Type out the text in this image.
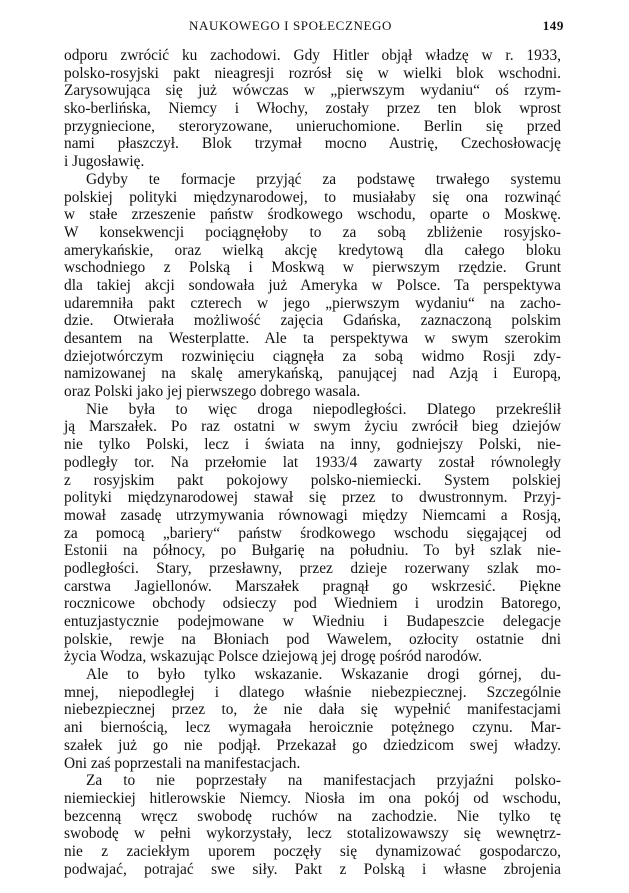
NAUKOWEGO I SPOŁECZNEGO	149
odporu zwrócić ku zachodowi. Gdy Hitler objął władzę w r. 1933,
polsko-rosyjski pakt nieagresji rozrósł się w wielki blok wschodni.
Zarysowująca się już wówczas w „pierwszym wydaniu“ oś rzym-
sko-berlińska, Niemcy i Włochy, zostały przez ten blok wprost
przygniecione, steroryzowane, unieruchomione. Berlin się przed
nami płaszczył. Blok trzymał mocno Austrię, Czechosłowację
i Jugosławię.
Gdyby te formacje przyjąć za podstawę trwałego systemu
polskiej polityki międzynarodowej, to musiałaby się ona rozwinąć
w stałe zrzeszenie państw środkowego wschodu, oparte o Moskwę.
W konsekwencji pociągnęłoby to za sobą zbliżenie rosyjsko-
amerykańskie, oraz wielką akcję kredytową dla całego bloku
wschodniego z Polską i Moskwą w pierwszym rzędzie. Grunt
dla takiej akcji sondowała już Ameryka w Polsce. Ta perspektywa
udaremniła pakt czterech w jego „pierwszym wydaniu“ na zacho-
dzie. Otwierała możliwość zajęcia Gdańska, zaznaczoną polskim
desantem na Westerplatte. Ale ta perspektywa w swym szerokim
dziejotwórczym rozwinięciu ciągnęła za sobą widmo Rosji zdy-
namizowanej na skalę amerykańską, panującej nad Azją i Europą,
oraz Polski jako jej pierwszego dobrego wasala.
Nie była to więc droga niepodległości. Dlatego przekreślił
ją Marszałek. Po raz ostatni w swym życiu zwrócił bieg dziejów
nie tylko Polski, lecz i świata na inny, godniejszy Polski, nie-
podległy tor. Na przełomie lat 1933/4 zawarty został równoległy
z rosyjskim pakt pokojowy polsko-niemiecki. System polskiej
polityki międzynarodowej stawał się przez to dwustronnym. Przyj-
mował zasadę utrzymywania równowagi między Niemcami a Rosją,
za pomocą „bariery“ państw środkowego wschodu sięgającej od
Estonii na północy, po Bułgarię na południu. To był szlak nie-
podległości. Stary, przesławny, przez dzieje rozerwany szlak mo-
carstwa Jagiellonów. Marszałek pragnął go wskrzesić. Piękne
rocznicowe obchody odsieczy pod Wiedniem i urodzin Batorego,
entuzjastycznie podejmowane w Wiedniu i Budapeszcie delegacje
polskie, rewje na Błoniach pod Wawelem, ozłocity ostatnie dni
życia Wodza, wskazując Polsce dziejową jej drogę pośród narodów.
Ale to było tylko wskazanie. Wskazanie drogi górnej, du-
mnej, niepodległej i dlatego właśnie niebezpiecznej. Szczególnie
niebezpiecznej przez to, że nie dała się wypełnić manifestacjami
ani biernością, lecz wymagała heroicznie potężnego czynu. Mar-
szałek już go nie podjął. Przekazał go dziedzicom swej władzy.
Oni zaś poprzestali na manifestacjach.
Za to nie poprzestały na manifestacjach przyjaźni polsko-
niemieckiej hitlerowskie Niemcy. Niosła im ona pokój od wschodu,
bezcenną wręcz swobodę ruchów na zachodzie. Nie tylko tę
swobodę w pełni wykorzystały, lecz stotalizowawszy się wewnętrz-
nie z zaciekłym uporem poczęły się dynamizować gospodarczo,
podwajać, potrajać swe siły. Pakt z Polską i własne zbrojenia
